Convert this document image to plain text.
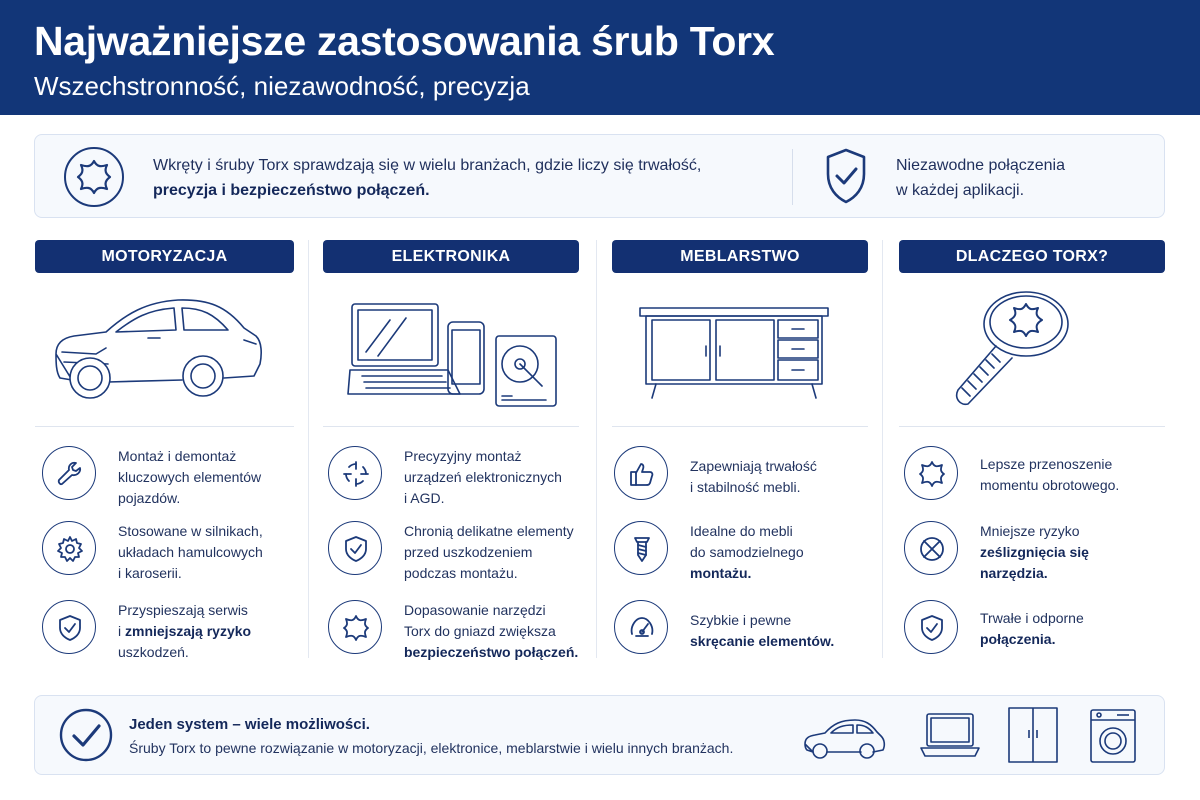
Najważniejsze zastosowania śrub Torx
Wszechstronność, niezawodność, precyzja
Wkręty i śruby Torx sprawdzają się w wielu branżach, gdzie liczy się trwałość,
precyzja i bezpieczeństwo połączeń.
Niezawodne połączenia
w każdej aplikacji.
MOTORYZACJA	ELEKTRONIKA	MEBLARSTWO	DLACZEGO TORX?
Montaż i demontaż
kluczowych elementów
pojazdów.
Stosowane w silnikach,
układach hamulcowych
i karoserii.
Przyspieszają serwis
i zmniejszają ryzyko
uszkodzeń.
Precyzyjny montaż
urządzeń elektronicznych
i AGD.
Chronią delikatne elementy
przed uszkodzeniem
podczas montażu.
Dopasowanie narzędzi
Torx do gniazd zwiększa
bezpieczeństwo połączeń.
Zapewniają trwałość
i stabilność mebli.
Idealne do mebli
do samodzielnego
montażu.
Szybkie i pewne
skręcanie elementów.
Lepsze przenoszenie
momentu obrotowego.
Mniejsze ryzyko
ześlizgnięcia się
narzędzia.
Trwałe i odporne
połączenia.
Jeden system – wiele możliwości.
Śruby Torx to pewne rozwiązanie w motoryzacji, elektronice, meblarstwie i wielu innych branżach.
